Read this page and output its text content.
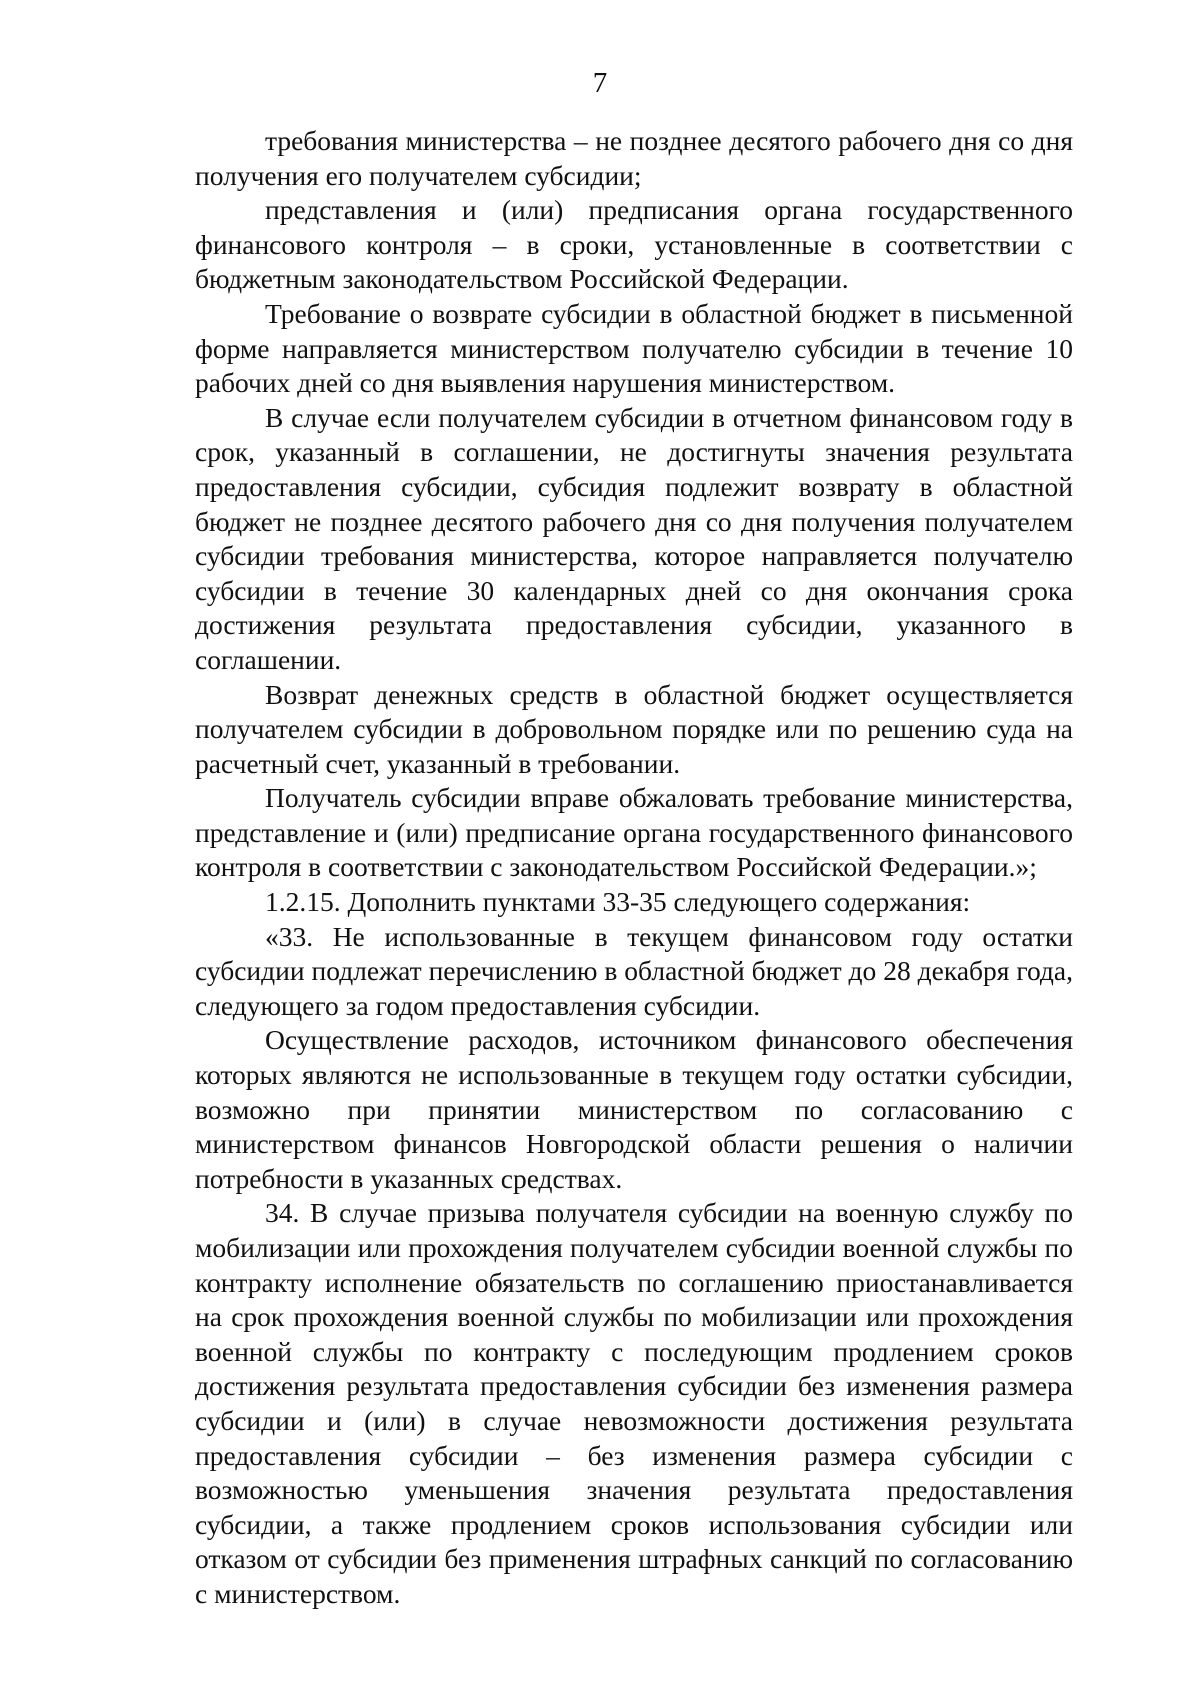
7

требования министерства – не позднее десятого рабочего дня со дня получения его получателем субсидии;

представления и (или) предписания органа государственного финансового контроля – в сроки, установленные в соответствии с бюджетным законодательством Российской Федерации.

Требование о возврате субсидии в областной бюджет в письменной форме направляется министерством получателю субсидии в течение 10 рабочих дней со дня выявления нарушения министерством.

В случае если получателем субсидии в отчетном финансовом году в срок, указанный в соглашении, не достигнуты значения результата предоставления субсидии, субсидия подлежит возврату в областной бюджет не позднее десятого рабочего дня со дня получения получателем субсидии требования министерства, которое направляется получателю субсидии в течение 30 календарных дней со дня окончания срока достижения результата предоставления субсидии, указанного в соглашении.

Возврат денежных средств в областной бюджет осуществляется получателем субсидии в добровольном порядке или по решению суда на расчетный счет, указанный в требовании.

Получатель субсидии вправе обжаловать требование министерства, представление и (или) предписание органа государственного финансового контроля в соответствии с законодательством Российской Федерации.»;

1.2.15. Дополнить пунктами 33-35 следующего содержания:

«33. Не использованные в текущем финансовом году остатки субсидии подлежат перечислению в областной бюджет до 28 декабря года, следующего за годом предоставления субсидии.

Осуществление расходов, источником финансового обеспечения которых являются не использованные в текущем году остатки субсидии, возможно при принятии министерством по согласованию с министерством финансов Новгородской области решения о наличии потребности в указанных средствах.

34. В случае призыва получателя субсидии на военную службу по мобилизации или прохождения получателем субсидии военной службы по контракту исполнение обязательств по соглашению приостанавливается на срок прохождения военной службы по мобилизации или прохождения военной службы по контракту с последующим продлением сроков достижения результата предоставления субсидии без изменения размера субсидии и (или) в случае невозможности достижения результата предоставления субсидии – без изменения размера субсидии с возможностью уменьшения значения результата предоставления субсидии, а также продлением сроков использования субсидии или отказом от субсидии без применения штрафных санкций по согласованию с министерством.
